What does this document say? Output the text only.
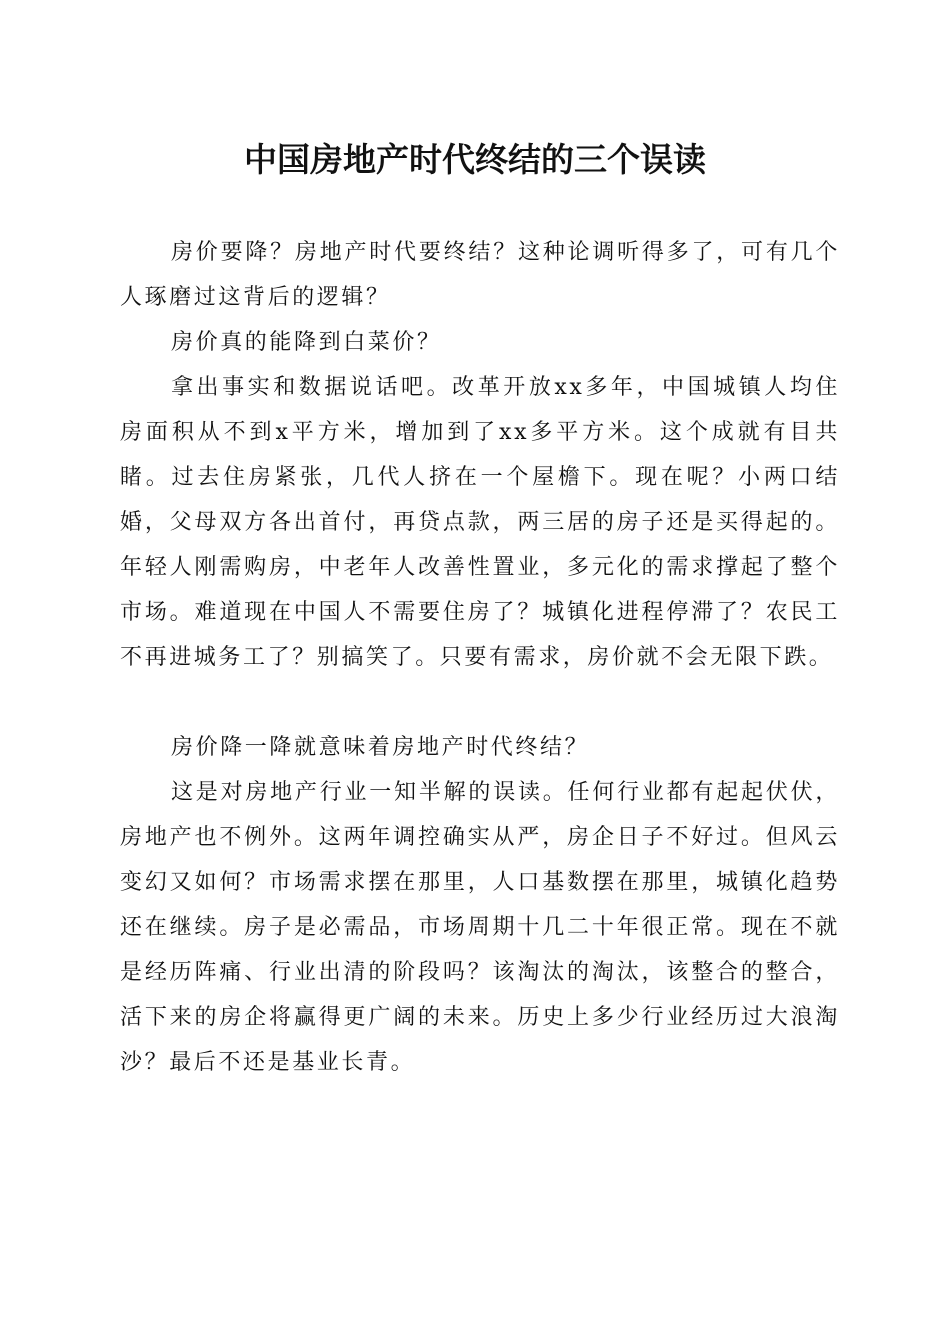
中国房地产时代终结的三个误读

房价要降？房地产时代要终结？这种论调听得多了，可有几个人琢磨过这背后的逻辑？

房价真的能降到白菜价？

拿出事实和数据说话吧。改革开放xx多年，中国城镇人均住房面积从不到x平方米，增加到了xx多平方米。这个成就有目共睹。过去住房紧张，几代人挤在一个屋檐下。现在呢？小两口结婚，父母双方各出首付，再贷点款，两三居的房子还是买得起的。年轻人刚需购房，中老年人改善性置业，多元化的需求撑起了整个市场。难道现在中国人不需要住房了？城镇化进程停滞了？农民工不再进城务工了？别搞笑了。只要有需求，房价就不会无限下跌。

房价降一降就意味着房地产时代终结？

这是对房地产行业一知半解的误读。任何行业都有起起伏伏，房地产也不例外。这两年调控确实从严，房企日子不好过。但风云变幻又如何？市场需求摆在那里，人口基数摆在那里，城镇化趋势还在继续。房子是必需品，市场周期十几二十年很正常。现在不就是经历阵痛、行业出清的阶段吗？该淘汰的淘汰，该整合的整合，活下来的房企将赢得更广阔的未来。历史上多少行业经历过大浪淘沙？最后不还是基业长青。
